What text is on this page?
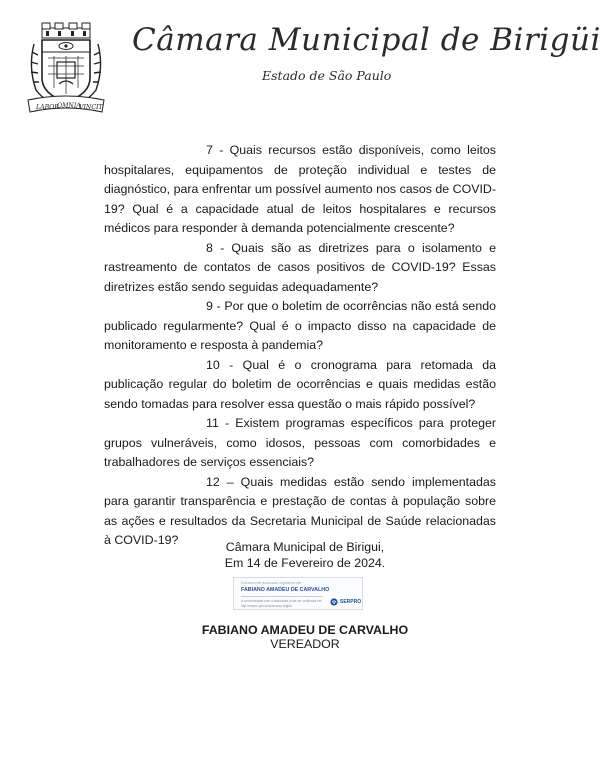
LABOR
OMNIA
VINCIT
Câmara Municipal de Birigüi
Estado de São Paulo

7 - Quais recursos estão disponíveis, como leitos hospitalares, equipamentos de proteção individual e testes de diagnóstico, para enfrentar um possível aumento nos casos de COVID-19? Qual é a capacidade atual de leitos hospitalares e recursos médicos para responder à demanda potencialmente crescente?

8 - Quais são as diretrizes para o isolamento e rastreamento de contatos de casos positivos de COVID-19? Essas diretrizes estão sendo seguidas adequadamente?

9 - Por que o boletim de ocorrências não está sendo publicado regularmente? Qual é o impacto disso na capacidade de monitoramento e resposta à pandemia?

10 - Qual é o cronograma para retomada da publicação regular do boletim de ocorrências e quais medidas estão sendo tomadas para resolver essa questão o mais rápido possível?

11 - Existem programas específicos para proteger grupos vulneráveis, como idosos, pessoas com comorbidades e trabalhadores de serviços essenciais?

12 – Quais medidas estão sendo implementadas para garantir transparência e prestação de contas à população sobre as ações e resultados da Secretaria Municipal de Saúde relacionadas à COVID-19?	Câmara Municipal de Birigui,
Em 14 de Fevereiro de 2024.
Documento assinado digitalmente
FABIANO AMADEU DE CARVALHO
A conformidade com a assinatura pode ser verificada em:
http://serpro.gov.br/assinador-digital
SERPRO
FABIANO AMADEU DE CARVALHO
VEREADOR
